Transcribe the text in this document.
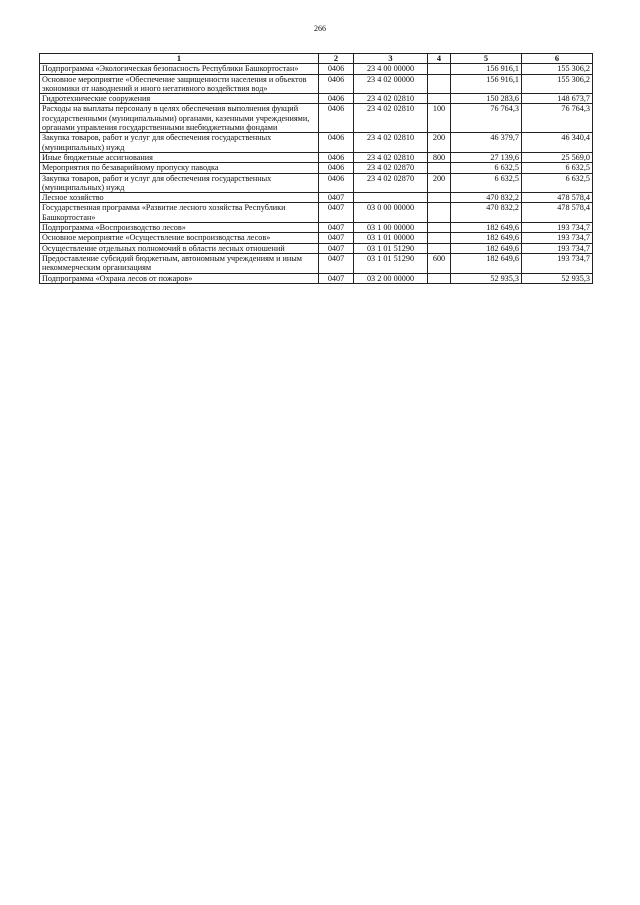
266
1	2	3	4	5	6
Подпрограмма «Экологическая безопасность Республики Башкортостан»	0406	23 4 00 00000		156 916,1	155 306,2
Основное мероприятие «Обеспечение защищенности населения и объектов экономики от наводнений и иного негативного воздействия вод»	0406	23 4 02 00000		156 916,1	155 306,2
Гидротехнические сооружения	0406	23 4 02 02810		150 283,6	148 673,7
Расходы на выплаты персоналу в целях обеспечения выполнения фукций государственными (муниципальными) органами, казенными учреждениями, органами управления государственными внебюджетными фондами	0406	23 4 02 02810	100	76 764,3	76 764,3
Закупка товаров, работ и услуг для обеспечения государственных (муниципальных) нужд	0406	23 4 02 02810	200	46 379,7	46 340,4
Иные бюджетные ассигнования	0406	23 4 02 02810	800	27 139,6	25 569,0
Мероприятия по безаварийному пропуску паводка	0406	23 4 02 02870		6 632,5	6 632,5
Закупка товаров, работ и услуг для обеспечения государственных (муниципальных) нужд	0406	23 4 02 02870	200	6 632,5	6 632,5
Лесное хозяйство	0407			470 832,2	478 578,4
Государственная программа «Развитие лесного хозяйства Республики Башкортостан»	0407	03 0 00 00000		470 832,2	478 578,4
Подпрограмма «Воспроизводство лесов»	0407	03 1 00 00000		182 649,6	193 734,7
Основное мероприятие «Осуществление воспроизводства лесов»	0407	03 1 01 00000		182 649,6	193 734,7
Осуществление отдельных полномочий в области лесных отношений	0407	03 1 01 51290		182 649,6	193 734,7
Предоставление субсидий бюджетным, автономным учреждениям и иным некоммерческим организациям	0407	03 1 01 51290	600	182 649,6	193 734,7
Подпрограмма «Охрана лесов от пожаров»	0407	03 2 00 00000		52 935,3	52 935,3
